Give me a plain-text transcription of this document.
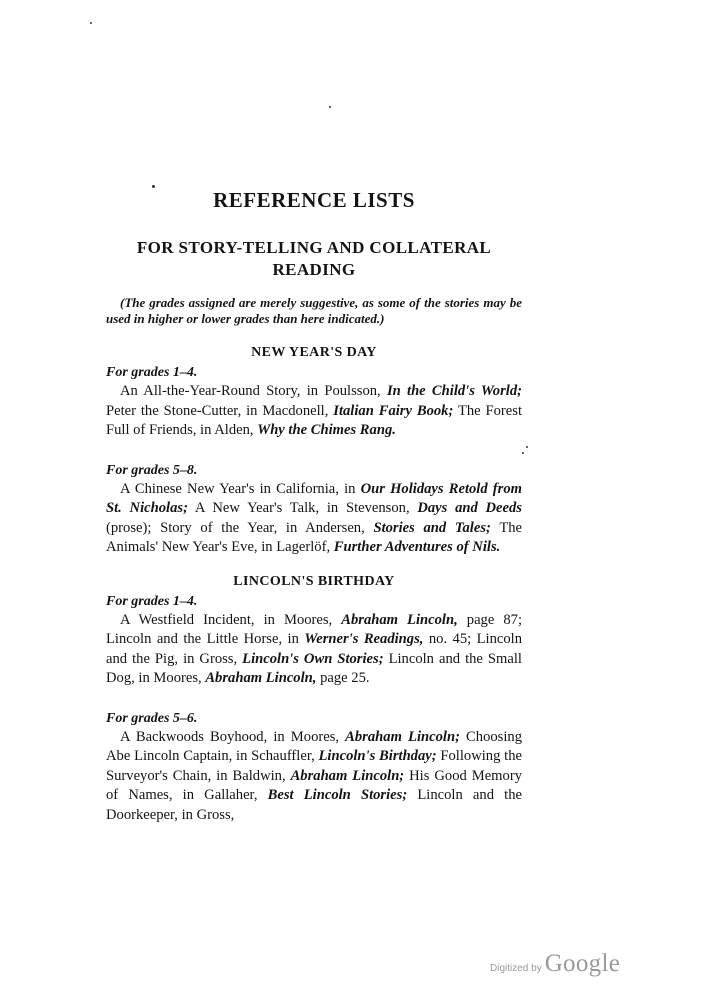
REFERENCE LISTS
FOR STORY-TELLING AND COLLATERAL
READING
(The grades assigned are merely suggestive, as some of the stories may be used in higher or lower grades than here indicated.)
NEW YEAR'S DAY
For grades 1–4.

An All-the-Year-Round Story, in Poulsson, In the Child's World; Peter the Stone-Cutter, in Macdonell, Italian Fairy Book; The Forest Full of Friends, in Alden, Why the Chimes Rang.

For grades 5–8.

A Chinese New Year's in California, in Our Holidays Retold from St. Nicholas; A New Year's Talk, in Stevenson, Days and Deeds (prose); Story of the Year, in Andersen, Stories and Tales; The Animals' New Year's Eve, in Lagerlöf, Further Adventures of Nils.

LINCOLN'S BIRTHDAY
For grades 1–4.

A Westfield Incident, in Moores, Abraham Lincoln, page 87; Lincoln and the Little Horse, in Werner's Readings, no. 45; Lincoln and the Pig, in Gross, Lincoln's Own Stories; Lincoln and the Small Dog, in Moores, Abraham Lincoln, page 25.

For grades 5–6.

A Backwoods Boyhood, in Moores, Abraham Lincoln; Choosing Abe Lincoln Captain, in Schauffler, Lincoln's Birthday; Following the Surveyor's Chain, in Baldwin, Abraham Lincoln; His Good Memory of Names, in Gallaher, Best Lincoln Stories; Lincoln and the Doorkeeper, in Gross,

Digitized by Google
